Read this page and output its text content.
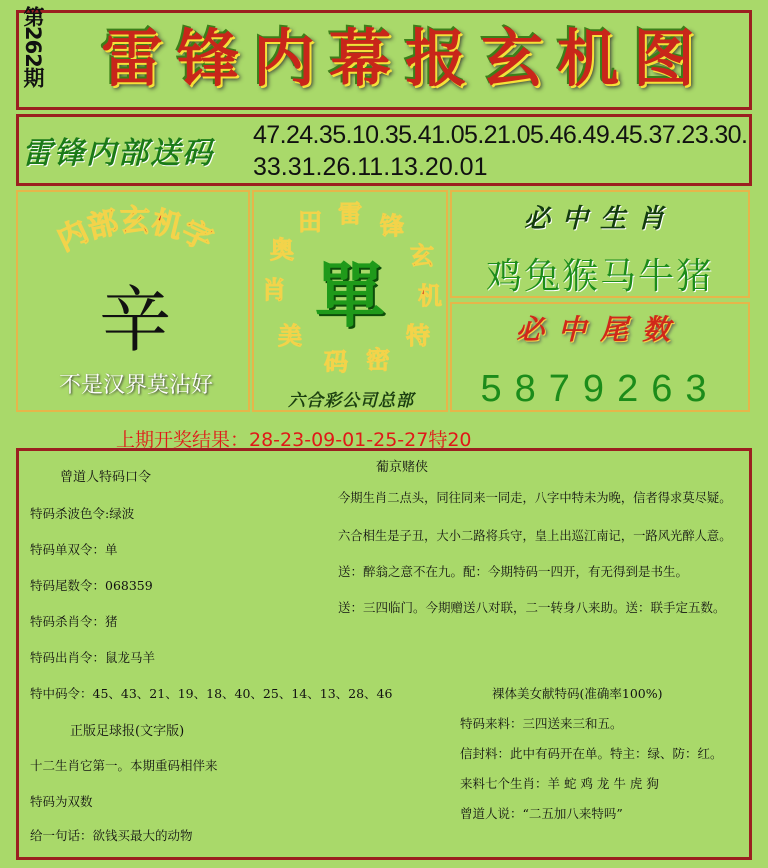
第262期 雷锋内幕报玄机图
雷锋内部送码
47.24.35.10.35.41.05.21.05.46.49.45.37.23.30.
33.31.26.11.13.20.01
内部玄机字
辛
不是汉界莫沾好
雷 锋
玄
机
特
密
码
美
肖
奥
田
單
六合彩公司总部
必中生肖
鸡兔猴马牛猪
必中尾数
5879263
上期开奖结果：28-23-09-01-25-27特20
曾道人特码口令
特码杀波色令:绿波
特码单双令：单
特码尾数令：068359
特码杀肖令：猪
特码出肖令：鼠龙马羊
特中码令：45、43、21、19、18、40、25、14、13、28、46
正版足球报(文字版)
十二生肖它第一。本期重码相伴来
特码为双数
给一句话：欲钱买最大的动物
葡京赌侠
今期生肖二点头，同往同来一同走，八字中特未为晚，信者得求莫尽疑。
六合相生是子丑，大小二路将兵守，皇上出巡江南记，一路风光醉人意。
送：醉翁之意不在九。配：今期特码一四开，有无得到是书生。
送：三四临门。今期赠送八对联，二一转身八来助。送：联手定五数。
裸体美女献特码(准确率100%)
特码来料：三四送来三和五。
信封料：此中有码开在单。特主：绿、防：红。
来料七个生肖：羊 蛇 鸡 龙 牛 虎 狗
曾道人说：“二五加八来特吗”
